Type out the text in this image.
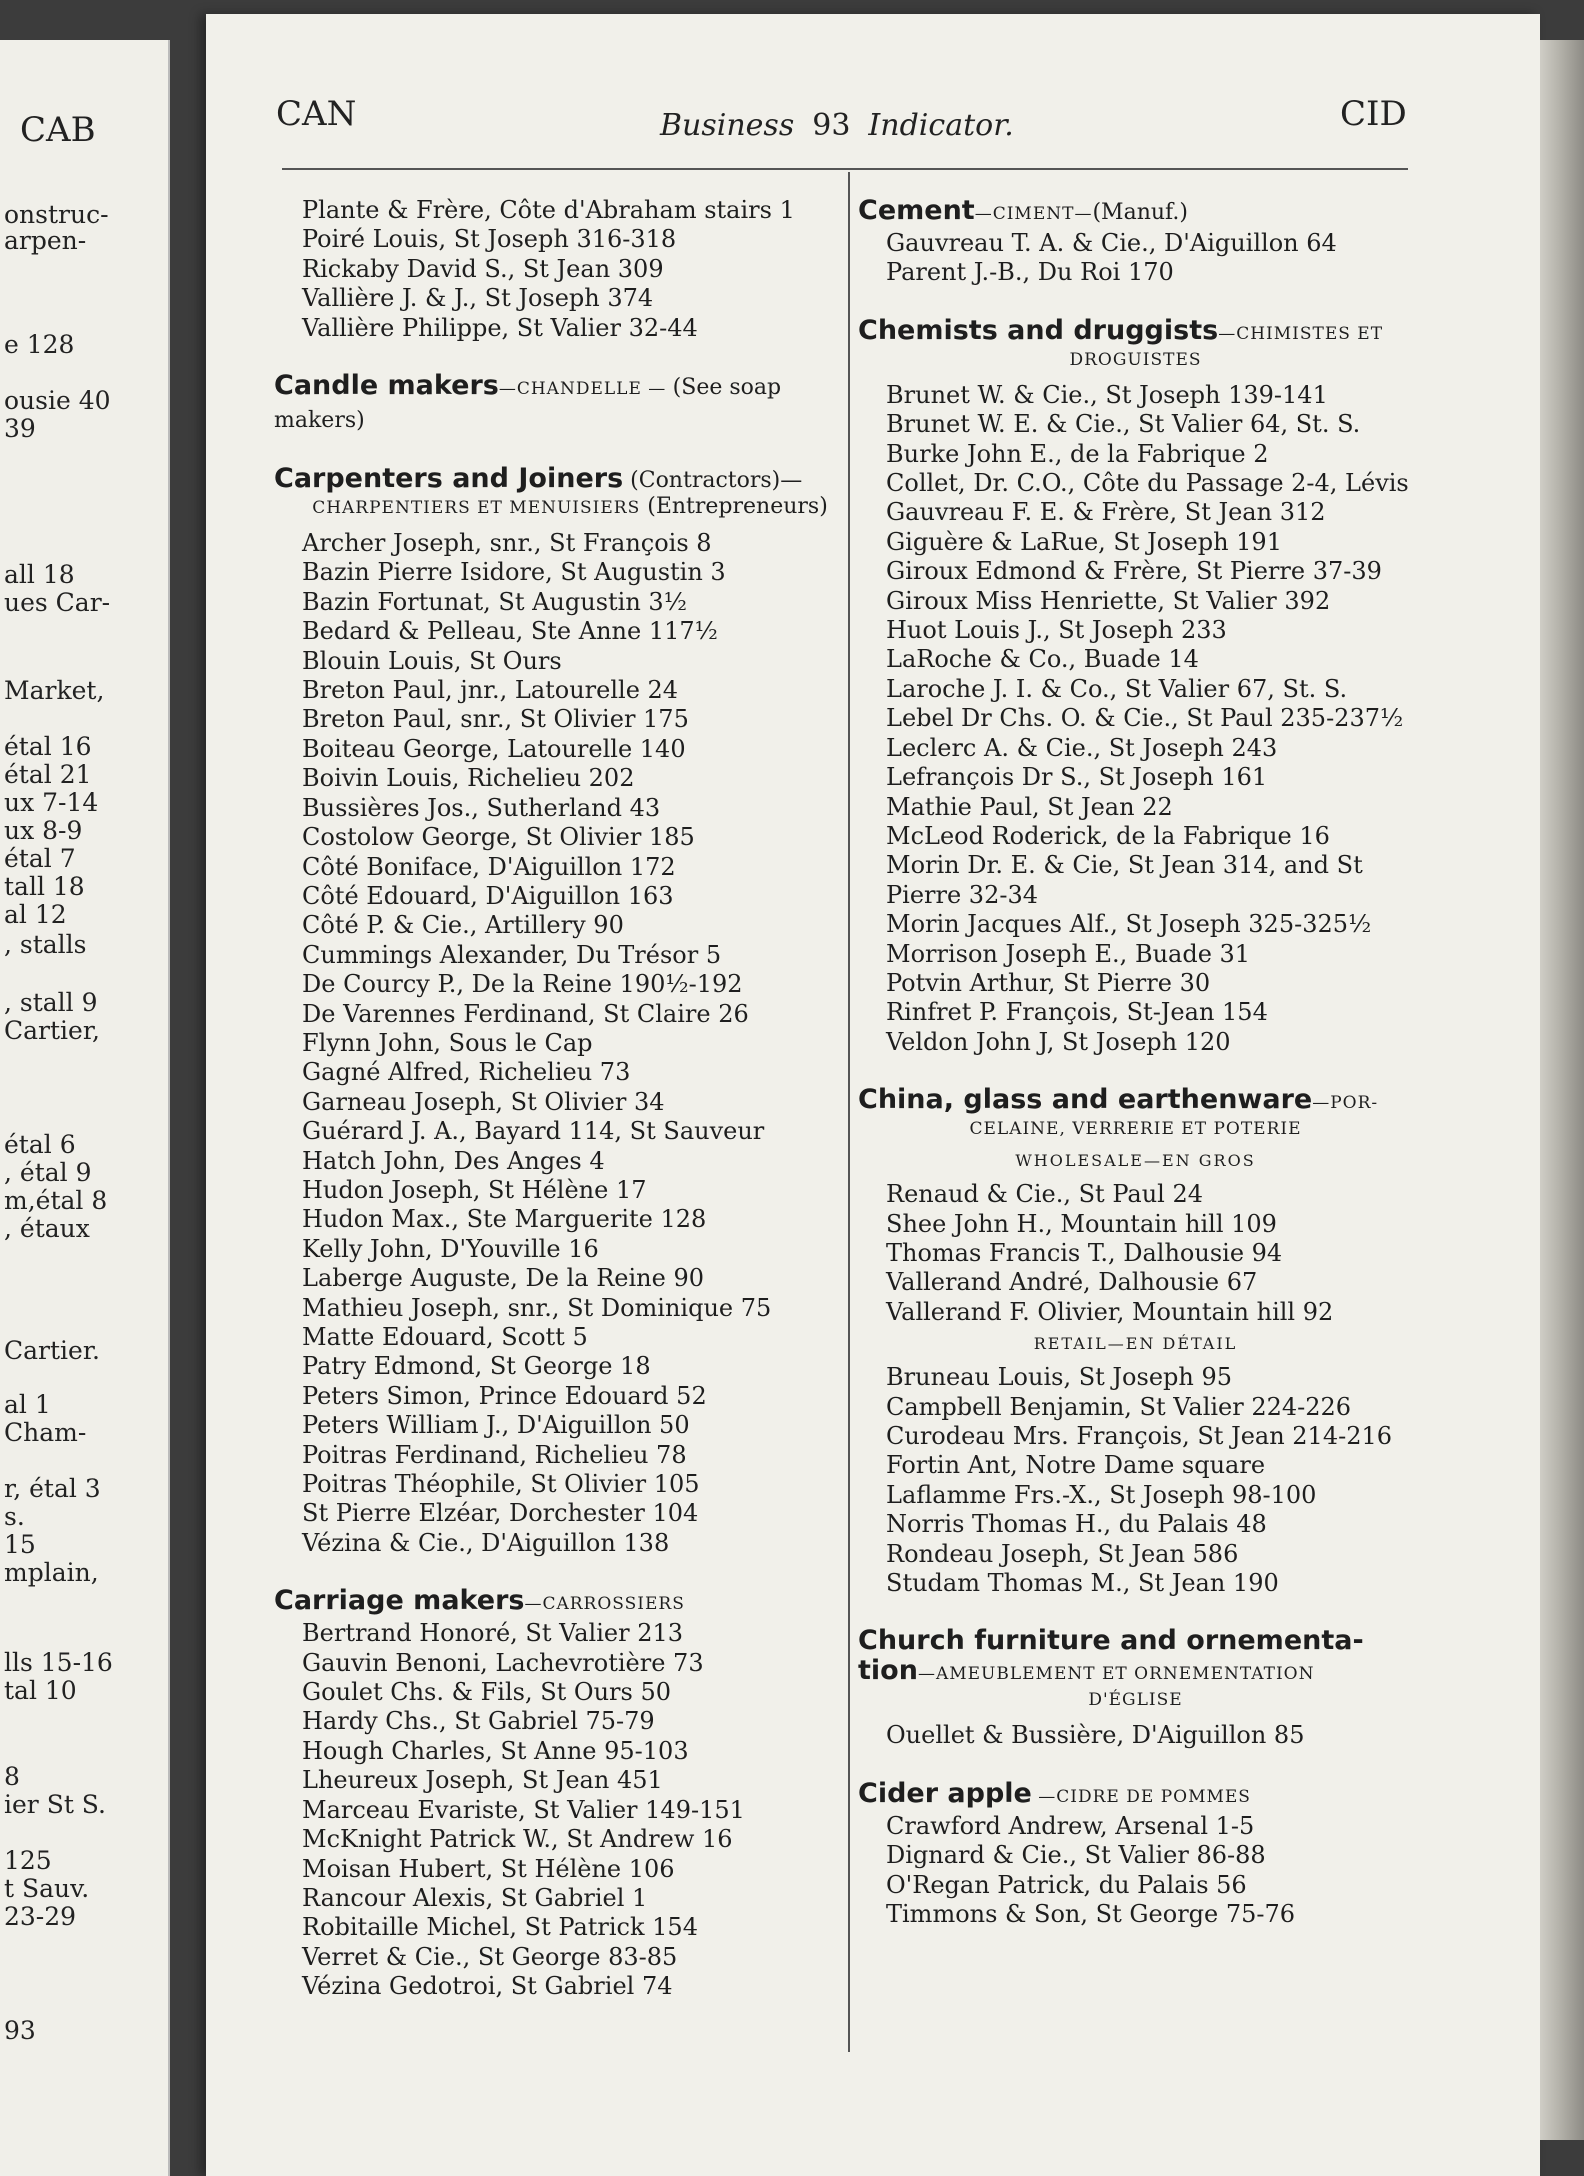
CAB
onstruc-
arpen-
e 128
ousie 40
39
all 18
ues Car-
Market,
étal 16
étal 21
ux 7-14
ux 8-9
étal 7
tall 18
al 12
, stalls
, stall 9
Cartier,
étal 6
, étal 9
m,étal 8
, étaux
Cartier.
al 1
Cham-
r, étal 3
s.
15
mplain,
lls 15-16
tal 10
8
ier St S.
125
t Sauv.
23-29
93
CAN	Business 93 Indicator.	CID
Plante & Frère, Côte d'Abraham stairs 1
Poiré Louis, St Joseph 316-318
Rickaby David S., St Jean 309
Vallière J. & J., St Joseph 374
Vallière Philippe, St Valier 32-44
Candle makers—CHANDELLE — (See soap makers)
Carpenters and Joiners (Contractors)—
CHARPENTIERS ET MENUISIERS (Entrepreneurs)
Archer Joseph, snr., St François 8
Bazin Pierre Isidore, St Augustin 3
Bazin Fortunat, St Augustin 3½
Bedard & Pelleau, Ste Anne 117½
Blouin Louis, St Ours
Breton Paul, jnr., Latourelle 24
Breton Paul, snr., St Olivier 175
Boiteau George, Latourelle 140
Boivin Louis, Richelieu 202
Bussières Jos., Sutherland 43
Costolow George, St Olivier 185
Côté Boniface, D'Aiguillon 172
Côté Edouard, D'Aiguillon 163
Côté P. & Cie., Artillery 90
Cummings Alexander, Du Trésor 5
De Courcy P., De la Reine 190½-192
De Varennes Ferdinand, St Claire 26
Flynn John, Sous le Cap
Gagné Alfred, Richelieu 73
Garneau Joseph, St Olivier 34
Guérard J. A., Bayard 114, St Sauveur
Hatch John, Des Anges 4
Hudon Joseph, St Hélène 17
Hudon Max., Ste Marguerite 128
Kelly John, D'Youville 16
Laberge Auguste, De la Reine 90
Mathieu Joseph, snr., St Dominique 75
Matte Edouard, Scott 5
Patry Edmond, St George 18
Peters Simon, Prince Edouard 52
Peters William J., D'Aiguillon 50
Poitras Ferdinand, Richelieu 78
Poitras Théophile, St Olivier 105
St Pierre Elzéar, Dorchester 104
Vézina & Cie., D'Aiguillon 138
Carriage makers—CARROSSIERS
Bertrand Honoré, St Valier 213
Gauvin Benoni, Lachevrotière 73
Goulet Chs. & Fils, St Ours 50
Hardy Chs., St Gabriel 75-79
Hough Charles, St Anne 95-103
Lheureux Joseph, St Jean 451
Marceau Evariste, St Valier 149-151
McKnight Patrick W., St Andrew 16
Moisan Hubert, St Hélène 106
Rancour Alexis, St Gabriel 1
Robitaille Michel, St Patrick 154
Verret & Cie., St George 83-85
Vézina Gedotroi, St Gabriel 74
Cement—CIMENT—(Manuf.)
Gauvreau T. A. & Cie., D'Aiguillon 64
Parent J.-B., Du Roi 170
Chemists and druggists—CHIMISTES ET
DROGUISTES
Brunet W. & Cie., St Joseph 139-141
Brunet W. E. & Cie., St Valier 64, St. S.
Burke John E., de la Fabrique 2
Collet, Dr. C.O., Côte du Passage 2-4, Lévis
Gauvreau F. E. & Frère, St Jean 312
Giguère & LaRue, St Joseph 191
Giroux Edmond & Frère, St Pierre 37-39
Giroux Miss Henriette, St Valier 392
Huot Louis J., St Joseph 233
LaRoche & Co., Buade 14
Laroche J. I. & Co., St Valier 67, St. S.
Lebel Dr Chs. O. & Cie., St Paul 235-237½
Leclerc A. & Cie., St Joseph 243
Lefrançois Dr S., St Joseph 161
Mathie Paul, St Jean 22
McLeod Roderick, de la Fabrique 16
Morin Dr. E. & Cie, St Jean 314, and St
Pierre 32-34
Morin Jacques Alf., St Joseph 325-325½
Morrison Joseph E., Buade 31
Potvin Arthur, St Pierre 30
Rinfret P. François, St-Jean 154
Veldon John J, St Joseph 120
China, glass and earthenware—POR-
CELAINE, VERRERIE ET POTERIE
WHOLESALE—EN GROS
Renaud & Cie., St Paul 24
Shee John H., Mountain hill 109
Thomas Francis T., Dalhousie 94
Vallerand André, Dalhousie 67
Vallerand F. Olivier, Mountain hill 92
RETAIL—EN DÉTAIL
Bruneau Louis, St Joseph 95
Campbell Benjamin, St Valier 224-226
Curodeau Mrs. François, St Jean 214-216
Fortin Ant, Notre Dame square
Laflamme Frs.-X., St Joseph 98-100
Norris Thomas H., du Palais 48
Rondeau Joseph, St Jean 586
Studam Thomas M., St Jean 190
Church furniture and ornementa-
tion—AMEUBLEMENT ET ORNEMENTATION
D'ÉGLISE
Ouellet & Bussière, D'Aiguillon 85
Cider apple —CIDRE DE POMMES
Crawford Andrew, Arsenal 1-5
Dignard & Cie., St Valier 86-88
O'Regan Patrick, du Palais 56
Timmons & Son, St George 75-76
